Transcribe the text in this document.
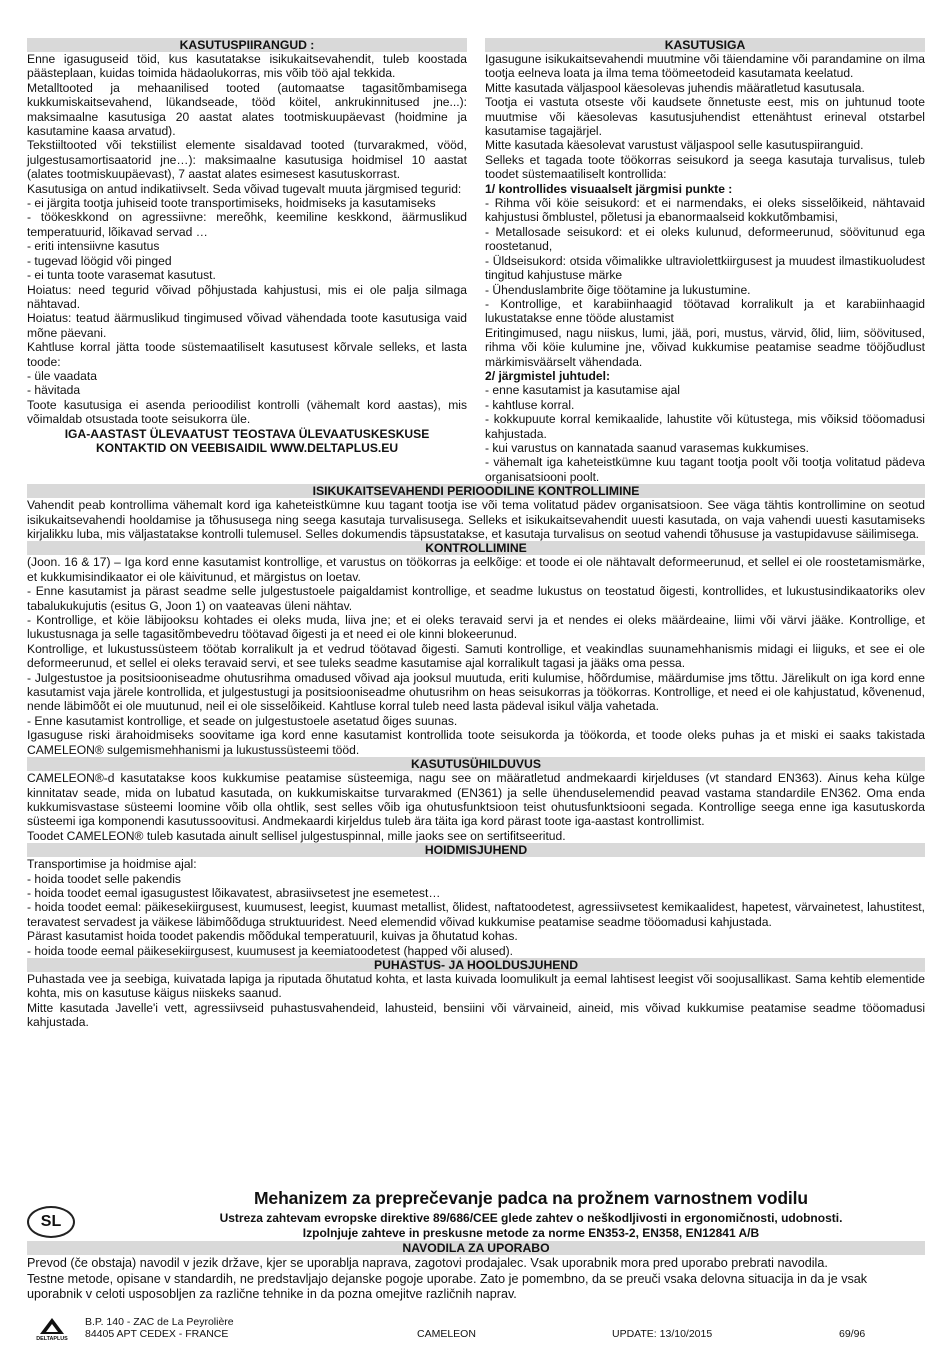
KASUTUSPIIRANGUD :

Enne igasuguseid töid, kus kasutatakse isikukaitsevahendit, tuleb koostada päästeplaan, kuidas toimida hädaolukorras, mis võib töö ajal tekkida.

Metalltooted ja mehaanilised tooted (automaatse tagasitõmbamisega kukkumiskaitsevahend, lükandseade, tööd köitel, ankrukinnitused jne...): maksimaalne kasutusiga 20 aastat alates tootmiskuupäevast (hoidmine ja kasutamine kaasa arvatud).

Tekstiiltooted või tekstiilist elemente sisaldavad tooted (turvarakmed, vööd, julgestusamortisaatorid jne…): maksimaalne kasutusiga hoidmisel 10 aastat (alates tootmiskuupäevast), 7 aastat alates esimesest kasutuskorrast.

Kasutusiga on antud indikatiivselt. Seda võivad tugevalt muuta järgmised tegurid:

- ei järgita tootja juhiseid toote transportimiseks, hoidmiseks ja kasutamiseks

- töökeskkond on agressiivne: mereõhk, keemiline keskkond, äärmuslikud temperatuurid, lõikavad servad …

- eriti intensiivne kasutus

- tugevad löögid või pinged

- ei tunta toote varasemat kasutust.

Hoiatus: need tegurid võivad põhjustada kahjustusi, mis ei ole palja silmaga nähtavad.

Hoiatus: teatud äärmuslikud tingimused võivad vähendada toote kasutusiga vaid mõne päevani.

Kahtluse korral jätta toode süstemaatiliselt kasutusest kõrvale selleks, et lasta toode:

- üle vaadata

- hävitada

Toote kasutusiga ei asenda perioodilist kontrolli (vähemalt kord aastas), mis võimaldab otsustada toote seisukorra üle.

IGA-AASTAST ÜLEVAATUST TEOSTAVA ÜLEVAATUSKESKUSE

KONTAKTID ON VEEBISAIDIL WWW.DELTAPLUS.EU

KASUTUSIGA

Igasugune isikukaitsevahendi muutmine või täiendamine või parandamine on ilma tootja eelneva loata ja ilma tema töömeetodeid kasutamata keelatud.

Mitte kasutada väljaspool käesolevas juhendis määratletud kasutusala.

Tootja ei vastuta otseste või kaudsete õnnetuste eest, mis on juhtunud toote muutmise või käesolevas kasutusjuhendist ettenähtust erineval otstarbel kasutamise tagajärjel.

Mitte kasutada käesolevat varustust väljaspool selle kasutuspiiranguid.

Selleks et tagada toote töökorras seisukord ja seega kasutaja turvalisus, tuleb toodet süstemaatiliselt kontrollida:

1/ kontrollides visuaalselt järgmisi punkte :

- Rihma või köie seisukord: et ei narmendaks, ei oleks sisselõikeid, nähtavaid kahjustusi õmblustel, põletusi ja ebanormaalseid kokkutõmbamisi,

- Metallosade seisukord: et ei oleks kulunud, deformeerunud, söövitunud ega roostetanud,

- Üldseisukord: otsida võimalikke ultraviolettkiirgusest ja muudest ilmastikuoludest tingitud kahjustuse märke

- Ühenduslambrite õige töötamine ja lukustumine.

- Kontrollige, et karabiinhaagid töötavad korralikult ja et karabiinhaagid lukustatakse enne tööde alustamist

Eritingimused, nagu niiskus, lumi, jää, pori, mustus, värvid, õlid, liim, söövitused, rihma või köie kulumine jne, võivad kukkumise peatamise seadme tööjõudlust märkimisväärselt vähendada.

2/ järgmistel juhtudel:

- enne kasutamist ja kasutamise ajal

- kahtluse korral.

- kokkupuute korral kemikaalide, lahustite või kütustega, mis võiksid tööomadusi kahjustada.

- kui varustus on kannatada saanud varasemas kukkumises.

- vähemalt iga kaheteistkümne kuu tagant tootja poolt või tootja volitatud pädeva organisatsiooni poolt.

ISIKUKAITSEVAHENDI PERIOODILINE KONTROLLIMINE

Vahendit peab kontrollima vähemalt kord iga kaheteistkümne kuu tagant tootja ise või tema volitatud pädev organisatsioon. See väga tähtis kontrollimine on seotud isikukaitsevahendi hooldamise ja tõhususega ning seega kasutaja turvalisusega. Selleks et isikukaitsevahendit uuesti kasutada, on vaja vahendi uuesti kasutamiseks kirjalikku luba, mis väljastatakse kontrolli tulemusel. Selles dokumendis täpsustatakse, et kasutaja turvalisus on seotud vahendi tõhususe ja vastupidavuse säilimisega.

KONTROLLIMINE

(Joon. 16 & 17) – Iga kord enne kasutamist kontrollige, et varustus on töökorras ja eelkõige: et toode ei ole nähtavalt deformeerunud, et sellel ei ole roostetamismärke, et kukkumisindikaator ei ole käivitunud, et märgistus on loetav.

- Enne kasutamist ja pärast seadme selle julgestustoele paigaldamist kontrollige, et seadme lukustus on teostatud õigesti, kontrollides, et lukustusindikaatoriks olev tabalukukujutis (esitus G, Joon 1) on vaateavas üleni nähtav.

- Kontrollige, et köie läbijooksu kohtades ei oleks muda, liiva jne; et ei oleks teravaid servi ja et nendes ei oleks määrdeaine, liimi või värvi jääke. Kontrollige, et lukustusnaga ja selle tagasitõmbevedru töötavad õigesti ja et need ei ole kinni blokeerunud.

Kontrollige, et lukustussüsteem töötab korralikult ja et vedrud töötavad õigesti. Samuti kontrollige, et veakindlas suunamehhanismis midagi ei liiguks, et see ei ole deformeerunud, et sellel ei oleks teravaid servi, et see tuleks seadme kasutamise ajal korralikult tagasi ja jääks oma pessa.

- Julgestustoe ja positsiooniseadme ohutusrihma omadused võivad aja jooksul muutuda, eriti kulumise, hõõrdumise, määrdumise jms tõttu. Järelikult on iga kord enne kasutamist vaja järele kontrollida, et julgestustugi ja positsiooniseadme ohutusrihm on heas seisukorras ja töökorras. Kontrollige, et need ei ole kahjustatud, kõvenenud, nende läbimõõt ei ole muutunud, neil ei ole sisselõikeid. Kahtluse korral tuleb need lasta pädeval isikul välja vahetada.

- Enne kasutamist kontrollige, et seade on julgestustoele asetatud õiges suunas.

Igasuguse riski ärahoidmiseks soovitame iga kord enne kasutamist kontrollida toote seisukorda ja töökorda, et toode oleks puhas ja et miski ei saaks takistada CAMELEON® sulgemismehhanismi ja lukustussüsteemi tööd.

KASUTUSÜHILDUVUS

CAMELEON®-d kasutatakse koos kukkumise peatamise süsteemiga, nagu see on määratletud andmekaardi kirjelduses (vt standard EN363). Ainus keha külge kinnitatav seade, mida on lubatud kasutada, on kukkumiskaitse turvarakmed (EN361) ja selle ühenduselemendid peavad vastama standardile EN362. Oma enda kukkumisvastase süsteemi loomine võib olla ohtlik, sest selles võib iga ohutusfunktsioon teist ohutusfunktsiooni segada. Kontrollige seega enne iga kasutuskorda süsteemi iga komponendi kasutussoovitusi. Andmekaardi kirjeldus tuleb ära täita iga kord pärast toote iga-aastast kontrollimist.

Toodet CAMELEON® tuleb kasutada ainult sellisel julgestuspinnal, mille jaoks see on sertifitseeritud.

HOIDMISJUHEND

Transportimise ja hoidmise ajal:

- hoida toodet selle pakendis

- hoida toodet eemal igasugustest lõikavatest, abrasiivsetest jne esemetest…

- hoida toodet eemal: päikesekiirgusest, kuumusest, leegist, kuumast metallist, õlidest, naftatoodetest, agressiivsetest kemikaalidest, hapetest, värvainetest, lahustitest, teravatest servadest ja väikese läbimõõduga struktuuridest. Need elemendid võivad kukkumise peatamise seadme tööomadusi kahjustada.

Pärast kasutamist hoida toodet pakendis mõõdukal temperatuuril, kuivas ja õhutatud kohas.

- hoida toode eemal päikesekiirgusest, kuumusest ja keemiatoodetest (happed või alused).

PUHASTUS- JA HOOLDUSJUHEND

Puhastada vee ja seebiga, kuivatada lapiga ja riputada õhutatud kohta, et lasta kuivada loomulikult ja eemal lahtisest leegist või soojusallikast. Sama kehtib elementide kohta, mis on kasutuse käigus niiskeks saanud.

Mitte kasutada Javelle'i vett, agressiivseid puhastusvahendeid, lahusteid, bensiini või värvaineid, aineid, mis võivad kukkumise peatamise seadme tööomadusi kahjustada.

SL
Mehanizem za preprečevanje padca na prožnem varnostnem vodilu
Ustreza zahtevam evropske direktive 89/686/CEE glede zahtev o neškodljivosti in ergonomičnosti, udobnosti.
Izpolnjuje zahteve in preskusne metode za norme EN353-2, EN358, EN12841 A/B
NAVODILA ZA UPORABO

Prevod (če obstaja) navodil v jezik države, kjer se uporablja naprava, zagotovi prodajalec. Vsak uporabnik mora pred uporabo prebrati navodila.

Testne metode, opisane v standardih, ne predstavljajo dejanske pogoje uporabe. Zato je pomembno, da se preuči vsaka delovna situacija in da je vsak uporabnik v celoti usposobljen za različne tehnike in da pozna omejitve različnih naprav.

DELTAPLUS
B.P. 140 - ZAC de La Peyrolière
84405 APT CEDEX - FRANCE	CAMELEON	UPDATE: 13/10/2015	69/96
